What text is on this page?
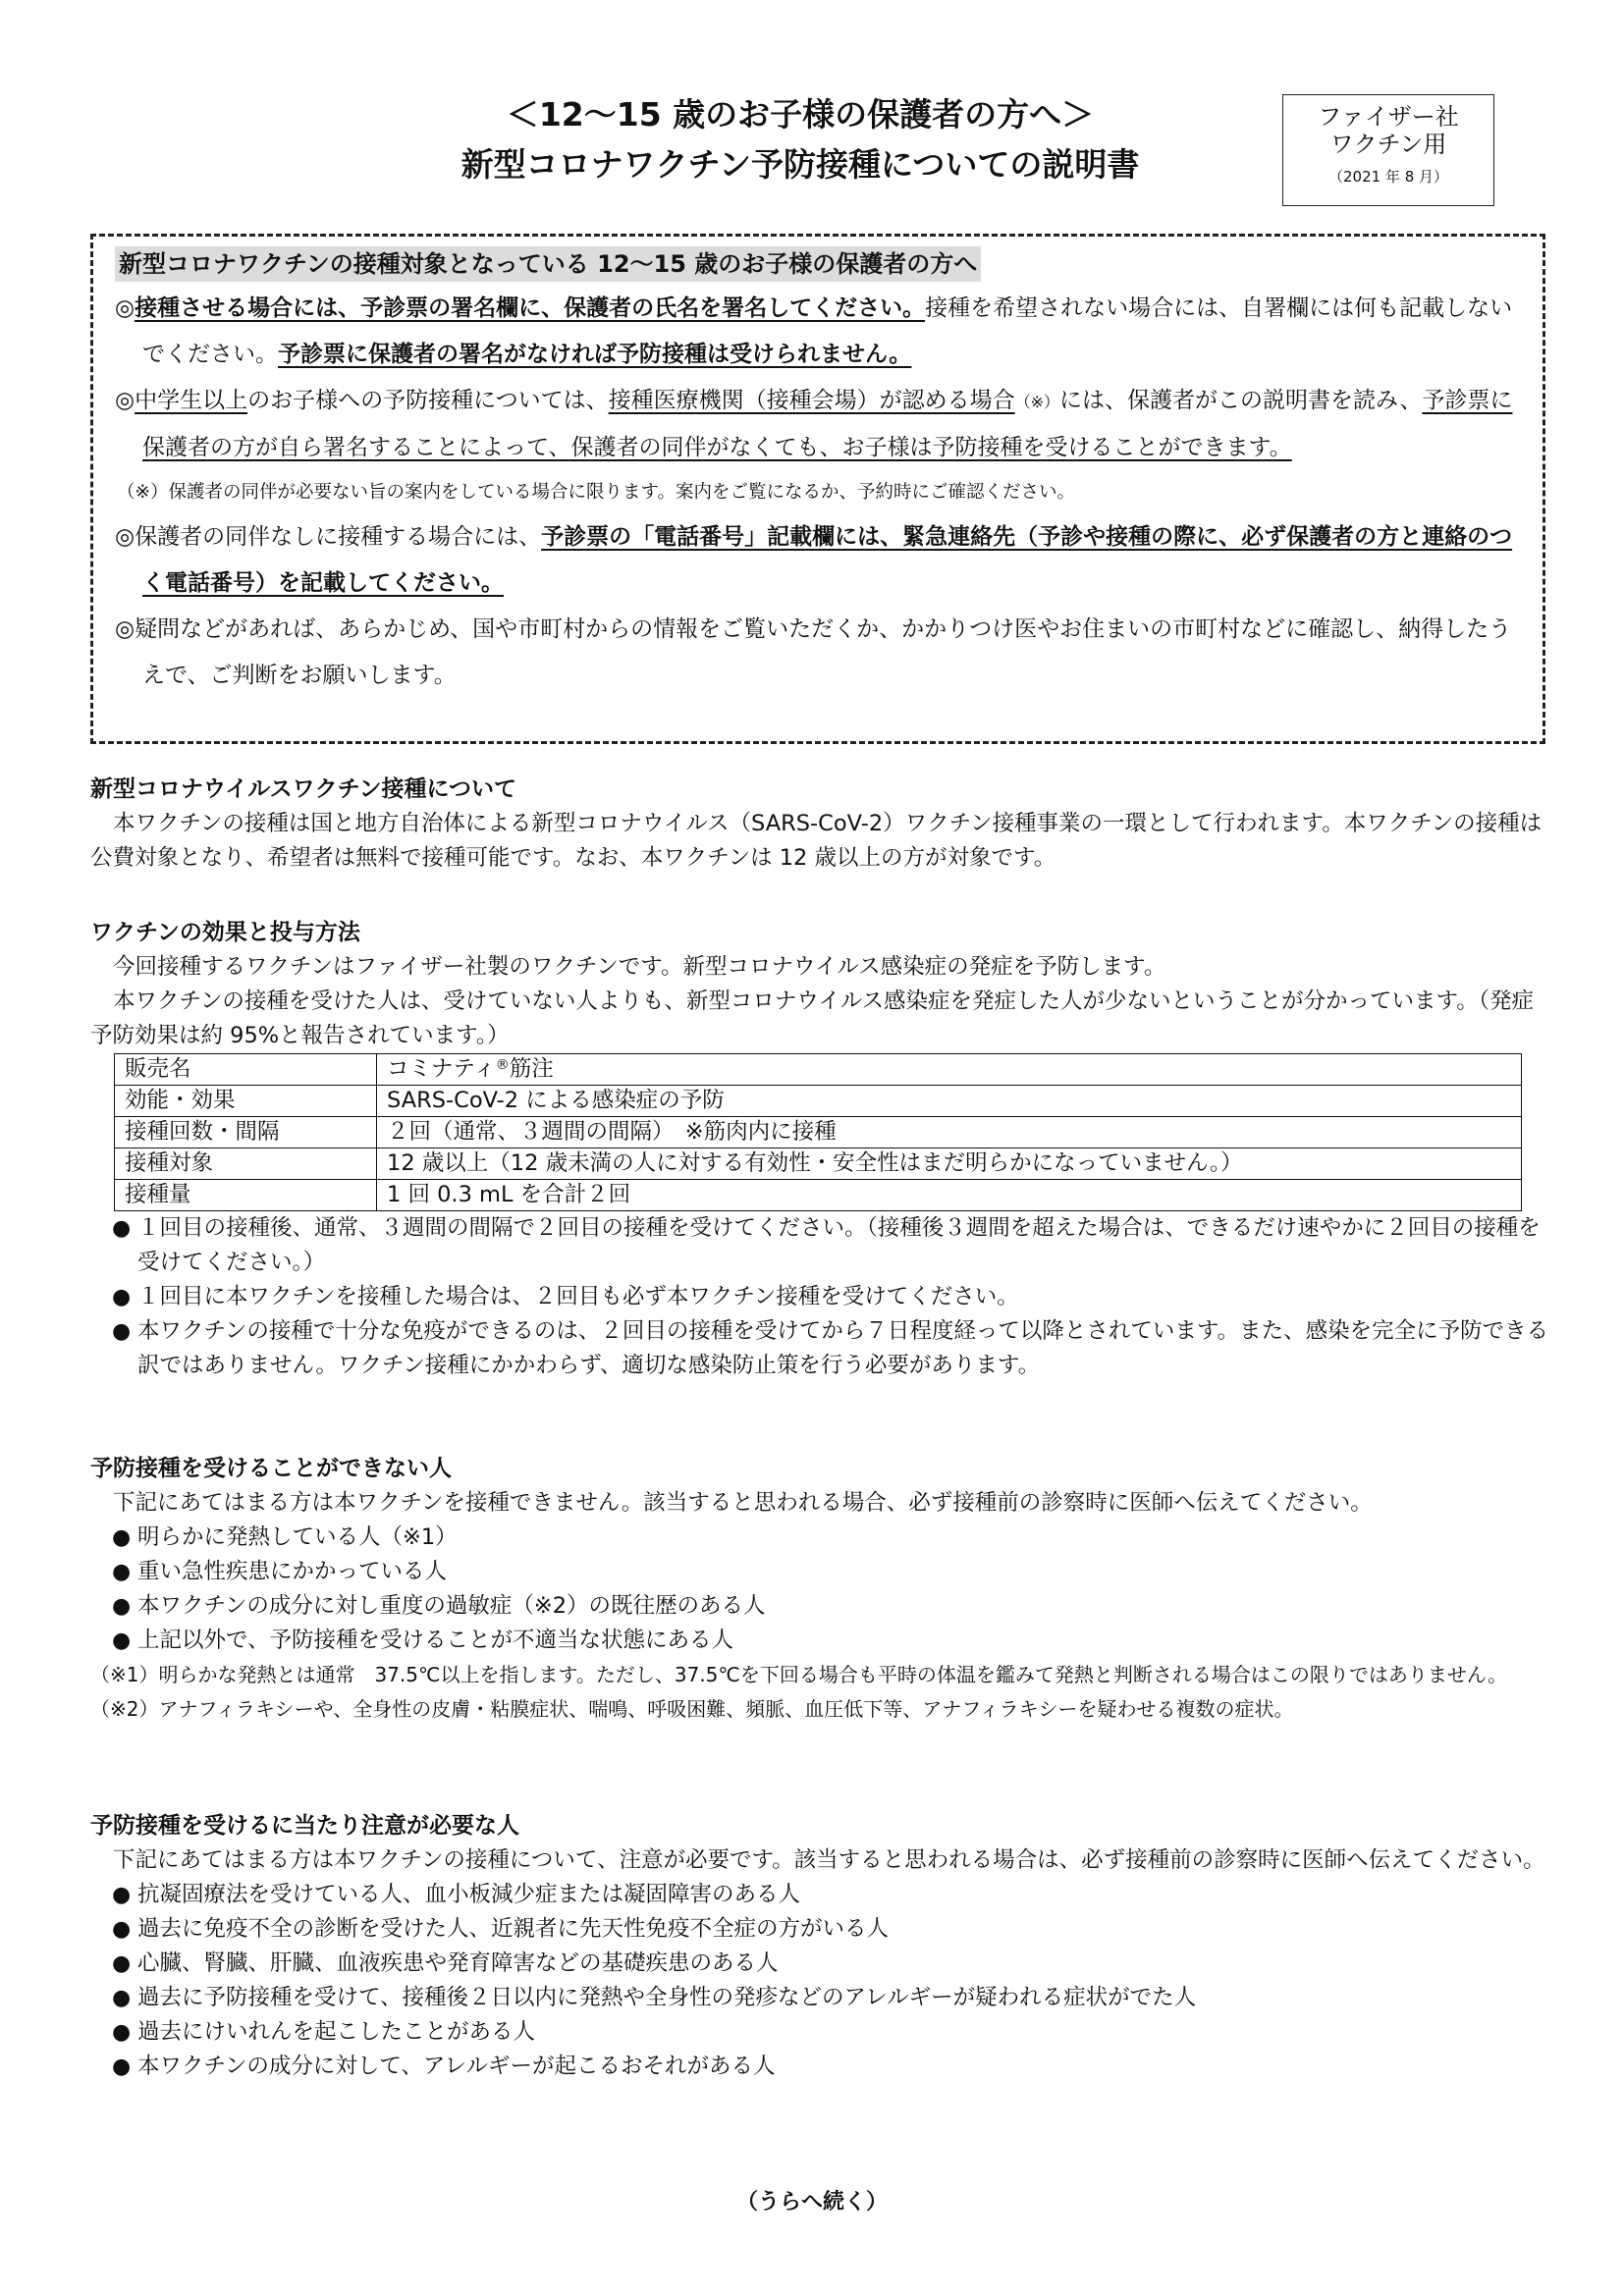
＜12～15 歳のお子様の保護者の方へ＞
新型コロナワクチン予防接種についての説明書
ファイザー社
ワクチン用
（2021 年 8 月）
新型コロナワクチンの接種対象となっている 12～15 歳のお子様の保護者の方へ
◎接種させる場合には、予診票の署名欄に、保護者の氏名を署名してください。接種を希望されない場合には、自署欄には何も記載しないでください。予診票に保護者の署名がなければ予防接種は受けられません。
◎中学生以上のお子様への予防接種については、接種医療機関（接種会場）が認める場合（※）には、保護者がこの説明書を読み、予診票に保護者の方が自ら署名することによって、保護者の同伴がなくても、お子様は予防接種を受けることができます。
（※）保護者の同伴が必要ない旨の案内をしている場合に限ります。案内をご覧になるか、予約時にご確認ください。
◎保護者の同伴なしに接種する場合には、予診票の「電話番号」記載欄には、緊急連絡先（予診や接種の際に、必ず保護者の方と連絡のつく電話番号）を記載してください。
◎疑問などがあれば、あらかじめ、国や市町村からの情報をご覧いただくか、かかりつけ医やお住まいの市町村などに確認し、納得したうえで、ご判断をお願いします。
新型コロナウイルスワクチン接種について

本ワクチンの接種は国と地方自治体による新型コロナウイルス（SARS-CoV-2）ワクチン接種事業の一環として行われます。本ワクチンの接種は公費対象となり、希望者は無料で接種可能です。なお、本ワクチンは 12 歳以上の方が対象です。

ワクチンの効果と投与方法

今回接種するワクチンはファイザー社製のワクチンです。新型コロナウイルス感染症の発症を予防します。

本ワクチンの接種を受けた人は、受けていない人よりも、新型コロナウイルス感染症を発症した人が少ないということが分かっています。（発症予防効果は約 95%と報告されています。）

販売名	コミナティ®筋注
効能・効果	SARS-CoV-2 による感染症の予防
接種回数・間隔	２回（通常、３週間の間隔）　※筋肉内に接種
接種対象	12 歳以上（12 歳未満の人に対する有効性・安全性はまだ明らかになっていません。）
接種量	1 回 0.3 mL を合計２回
● １回目の接種後、通常、３週間の間隔で２回目の接種を受けてください。（接種後３週間を超えた場合は、できるだけ速やかに２回目の接種を受けてください。）
● １回目に本ワクチンを接種した場合は、２回目も必ず本ワクチン接種を受けてください。
● 本ワクチンの接種で十分な免疫ができるのは、２回目の接種を受けてから７日程度経って以降とされています。また、感染を完全に予防できる訳ではありません。ワクチン接種にかかわらず、適切な感染防止策を行う必要があります。
予防接種を受けることができない人

下記にあてはまる方は本ワクチンを接種できません。該当すると思われる場合、必ず接種前の診察時に医師へ伝えてください。

● 明らかに発熱している人（※1）
● 重い急性疾患にかかっている人
● 本ワクチンの成分に対し重度の過敏症（※2）の既往歴のある人
● 上記以外で、予防接種を受けることが不適当な状態にある人

（※1）明らかな発熱とは通常　37.5℃以上を指します。ただし、37.5℃を下回る場合も平時の体温を鑑みて発熱と判断される場合はこの限りではありません。

（※2）アナフィラキシーや、全身性の皮膚・粘膜症状、喘鳴、呼吸困難、頻脈、血圧低下等、アナフィラキシーを疑わせる複数の症状。

予防接種を受けるに当たり注意が必要な人

下記にあてはまる方は本ワクチンの接種について、注意が必要です。該当すると思われる場合は、必ず接種前の診察時に医師へ伝えてください。

● 抗凝固療法を受けている人、血小板減少症または凝固障害のある人
● 過去に免疫不全の診断を受けた人、近親者に先天性免疫不全症の方がいる人
● 心臓、腎臓、肝臓、血液疾患や発育障害などの基礎疾患のある人
● 過去に予防接種を受けて、接種後２日以内に発熱や全身性の発疹などのアレルギーが疑われる症状がでた人
● 過去にけいれんを起こしたことがある人
● 本ワクチンの成分に対して、アレルギーが起こるおそれがある人
（うらへ続く）
